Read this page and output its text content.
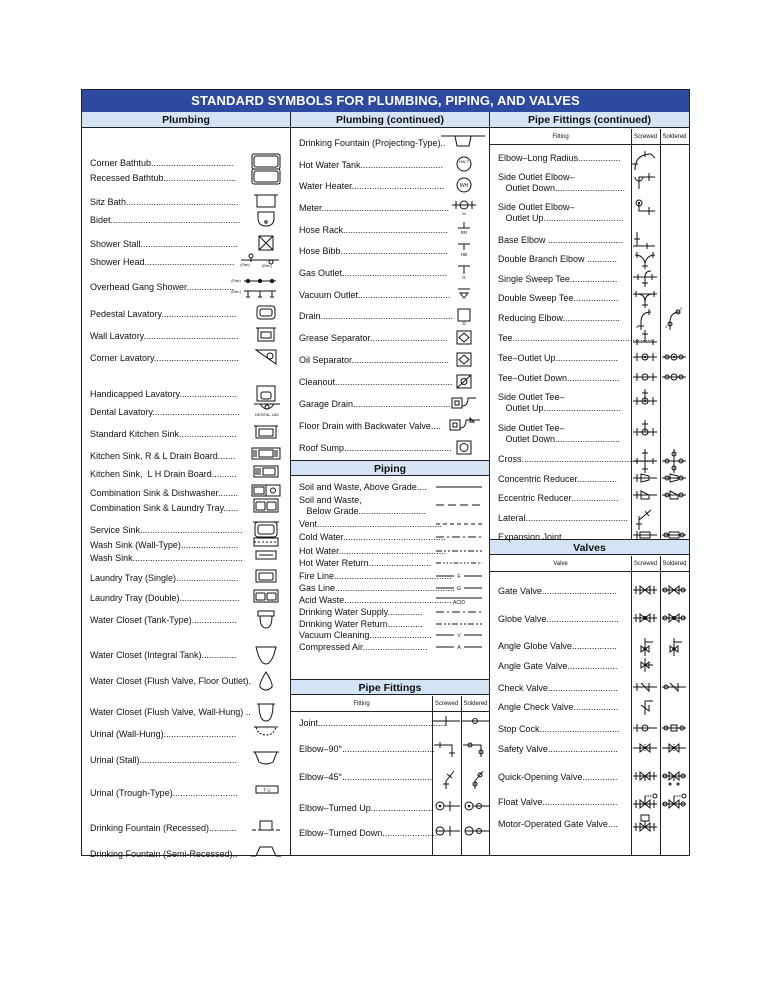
STANDARD SYMBOLS FOR PLUMBING, PIPING, AND VALVES
Plumbing
Corner Bathtub.................................
Recessed Bathtub.............................
Sitz Bath.............................................
Bidet....................................................
Shower Stall.......................................
Shower Head.................................... (Plan)	(Elev.)
Overhead Gang Shower...................
(Plan)
(Elev.)
Pedestal Lavatory..............................
Wall Lavatory......................................
Corner Lavatory..................................
Handicapped Lavatory.......................
Dental Lavatory...................................	DENTAL LAV
Standard Kitchen Sink.......................
Kitchen Sink, R & L Drain Board.......
Kitchen Sink,  L H Drain Board..........
Combination Sink & Dishwasher........
Combination Sink & Laundry Tray......
Service Sink.........................................
Wash Sink (Wall-Type).......................
Wash Sink............................................
Laundry Tray (Single).........................
Laundry Tray (Double)........................
Water Closet (Tank-Type)..................
Water Closet (Integral Tank)..............
Water Closet (Flush Valve, Floor Outlet).
Water Closet (Flush Valve, Wall-Hung) ..
Urinal (Wall-Hung).............................
Urinal (Stall).......................................
Urinal (Trough-Type)..........................	T U
Drinking Fountain (Recessed)...........
Drinking Fountain (Semi-Recessed)..
Plumbing (continued)
Piping
Pipe Fittings
Fitting	Screwed Soldered
Drinking Fountain (Projecting-Type)..
Hot Water Tank.................................	HW T
Water Heater.....................................	WH
Meter...................................................
M
Hose Rack..........................................	RR
Hose Bibb...........................................	HB
Gas Outlet..........................................	G
Vacuum Outlet.....................................
Drain.....................................................
D
Grease Separator...............................
Oil Separator.......................................
Cleanout...............................................
Garage Drain........................................
Floor Drain with Backwater Valve....
Roof Sump...........................................
Soil and Waste, Above Grade....
Soil and Waste,
Below Grade...........................
Vent..................................................
Cold Water.........................................
Hot Water...........................................
Hot Water Return.........................
Fire Line............................................... F
Gas Line................................................ G
Acid Waste........................................... ACID
Drinking Water Supply..............
Drinking Water Return..............
Vacuum Cleaning.........................	V
Compressed Air..........................	A
Joint...................................................
Elbow–90°.....................................
Elbow–45°....................................
Elbow–Turned Up.........................
Elbow–Turned Down......................
Pipe Fittings (continued)
Fitting	Screwed Soldered
Valves
Valve	Screwed Soldered
Elbow–Long Radius.................
Side Outlet Elbow–
Outlet Down............................
Side Outlet Elbow–
Outlet Up................................
Base Elbow ..............................
Double Branch Elbow ............
Single Sweep Tee...................
Double Sweep Tee..................
Reducing Elbow.......................
4	4
2
Tee........................................................
Tee–Outlet Up.........................
Tee–Outlet Down.....................
Side Outlet Tee–
Outlet Up...............................
Side Outlet Tee–
Outlet Down..........................
Cross....................................................
Concentric Reducer................
Eccentric Reducer...................
Lateral.........................................
Expansion Joint .......................
Gate Valve..............................
Globe Valve.............................
Angle Globe Valve..................
Angle Gate Valve....................
Check Valve............................
Angle Check Valve..................
Stop Cock................................
Safety Valve............................
Quick-Opening Valve..............
Float Valve..............................
Motor-Operated Gate Valve....
